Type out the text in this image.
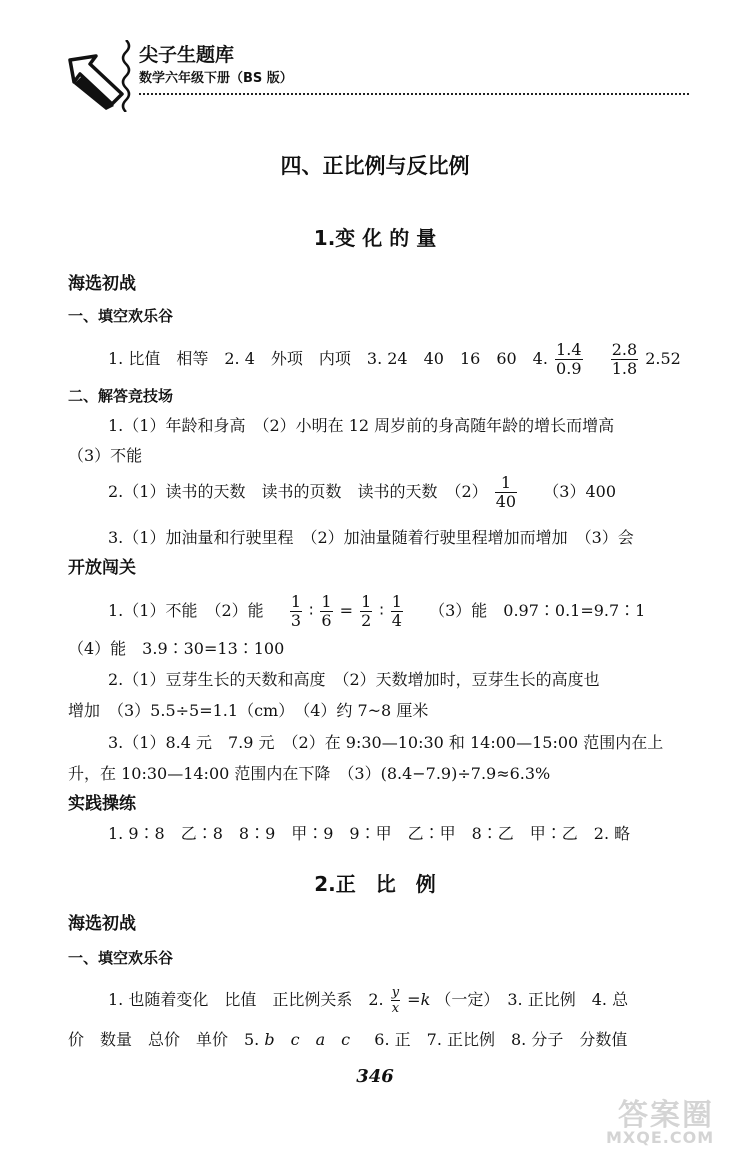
尖子生题库
数学六年级下册（BS 版）
四、正比例与反比例
1.变 化 的 量
海选初战
一、填空欢乐谷
1. 比值　相等　2. 4　外项　内项　3. 24　40　16　60　4. $\frac{1.4}{0.9}$
$\frac{2.8}{1.8} 2.52$
二、解答竞技场
1.（1）年龄和身高　（2）小明在 12 周岁前的身高随年龄的增长而增高
（3）不能
2.（1）读书的天数　读书的页数　读书的天数　$(2) \frac{1}{40} (3)400$
3.（1）加油量和行驶里程　（2）加油量随着行驶里程增加而增加　（3）会
开放闯关
1.（1）不能　（2）能 $\frac{1}{3}$ ∶ $\frac{1}{6} = \frac{1}{2}$ ∶ $\frac{1}{4} (3)$能　0.97∶0.1=9.7∶1
（4）能　3.9∶30=13∶100
2.（1）豆芽生长的天数和高度　（2）天数增加时，豆芽生长的高度也
增加　（3）5.5÷5=1.1（cm）　（4）约 7~8 厘米
3.（1）8.4 元　7.9 元　（2）在 9:30—10:30 和 14:00—15:00 范围内在上
升，在 10:30—14:00 范围内在下降　（3）(8.4−7.9)÷7.9≈6.3%
实践操练
1. 9∶8　乙∶8　8∶9　甲∶9　9∶甲　乙∶甲　8∶乙　甲∶乙　2. 略
2.正　比　例
海选初战
一、填空欢乐谷
1. 也随着变化　比值　正比例关系　2. $\frac{y}{x} =k$ （一定）　3. 正比例　4. 总
价　数量　总价　单价　5. b　c　a　c 6. 正　7. 正比例　8. 分子　分数值
346
答案圈
MXQE.COM
